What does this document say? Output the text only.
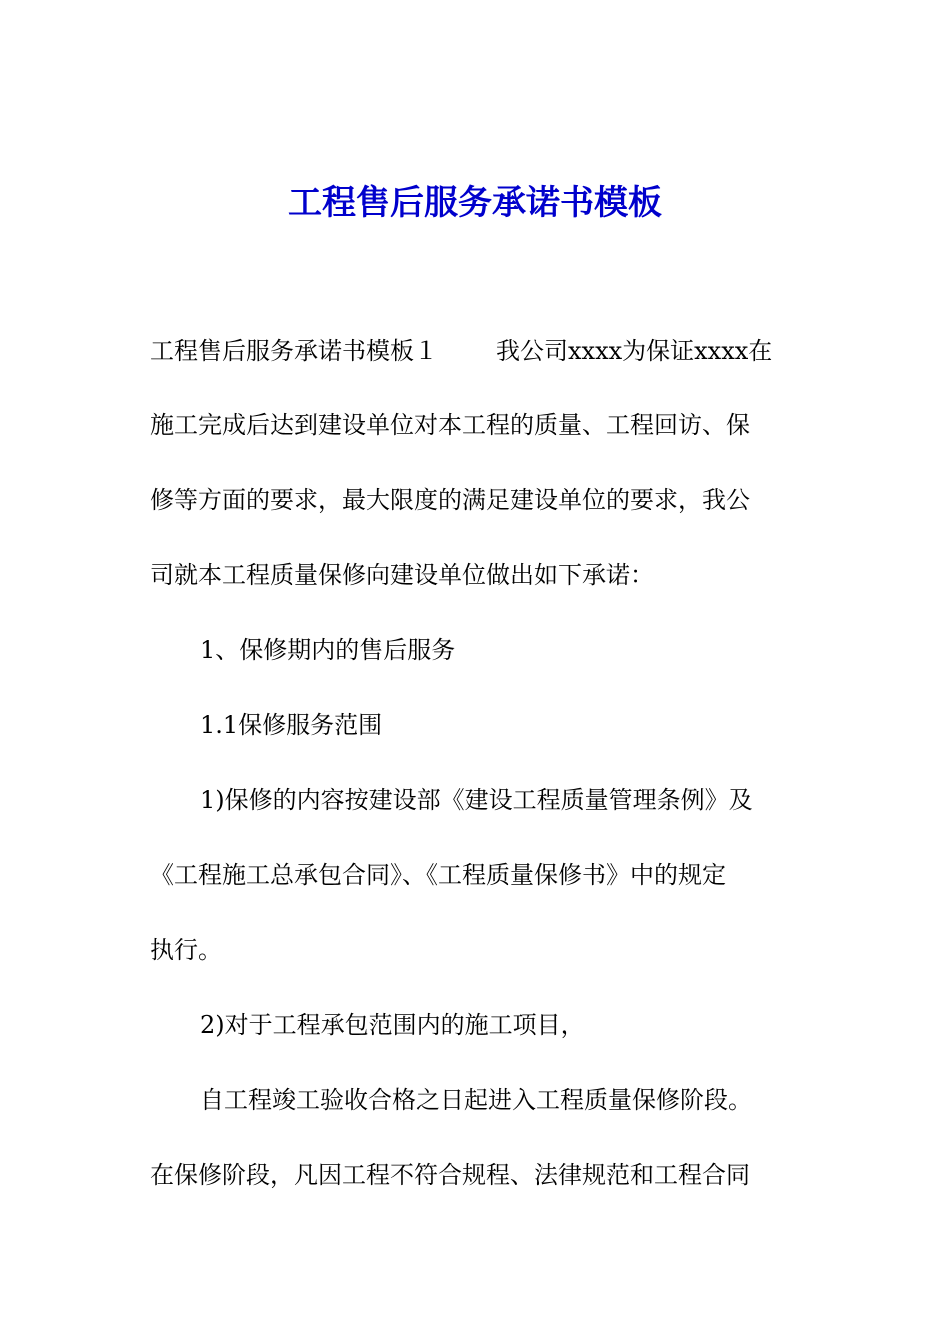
工程售后服务承诺书模板

工程售后服务承诺书模板１ 我公司xxxx为保证xxxx在

施工完成后达到建设单位对本工程的质量、工程回访、保

修等方面的要求，最大限度的满足建设单位的要求，我公

司就本工程质量保修向建设单位做出如下承诺：

1、保修期内的售后服务

1.1保修服务范围

1)保修的内容按建设部《建设工程质量管理条例》及

《工程施工总承包合同》、《工程质量保修书》中的规定

执行。

2)对于工程承包范围内的施工项目，

自工程竣工验收合格之日起进入工程质量保修阶段。

在保修阶段，凡因工程不符合规程、法律规范和工程合同
